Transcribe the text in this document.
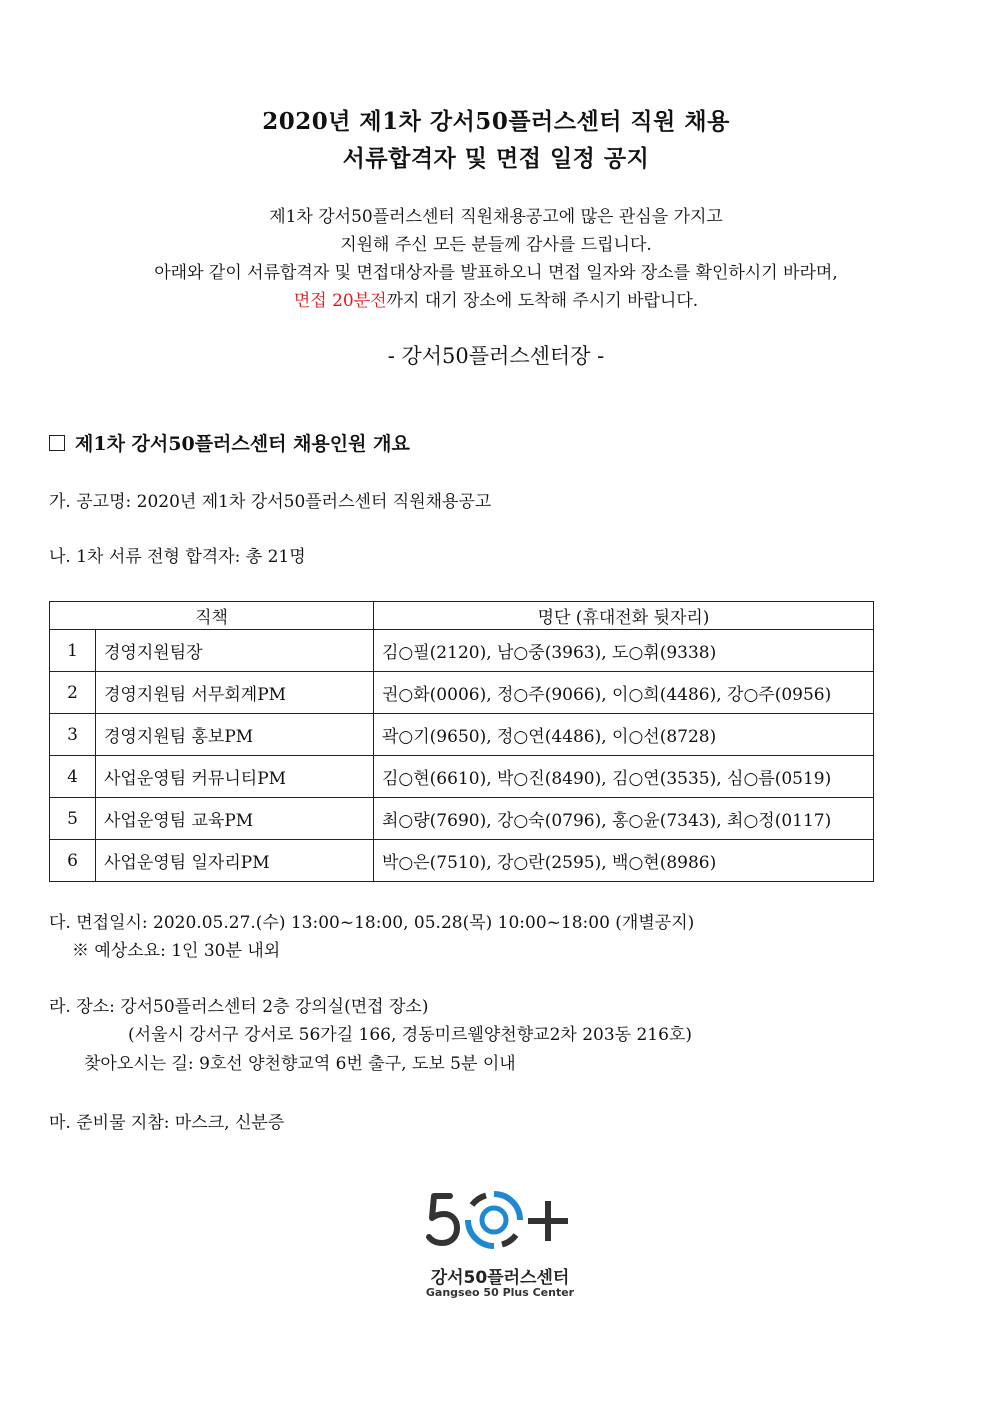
2020년 제1차 강서50플러스센터 직원 채용
서류합격자 및 면접 일정 공지
제1차 강서50플러스센터 직원채용공고에 많은 관심을 가지고
지원해 주신 모든 분들께 감사를 드립니다.
아래와 같이 서류합격자 및 면접대상자를 발표하오니 면접 일자와 장소를 확인하시기 바라며,
면접 20분전까지 대기 장소에 도착해 주시기 바랍니다.
- 강서50플러스센터장 -
제1차 강서50플러스센터 채용인원 개요
가. 공고명: 2020년 제1차 강서50플러스센터 직원채용공고
나. 1차 서류 전형 합격자: 총 21명
직책		명단 (휴대전화 뒷자리)
1	경영지원팀장	김○필(2120), 남○중(3963), 도○휘(9338)
2	경영지원팀 서무회계PM	권○화(0006), 정○주(9066), 이○희(4486), 강○주(0956)
3	경영지원팀 홍보PM	곽○기(9650), 정○연(4486), 이○선(8728)
4	사업운영팀 커뮤니티PM	김○현(6610), 박○진(8490), 김○연(3535), 심○름(0519)
5	사업운영팀 교육PM	최○량(7690), 강○숙(0796), 홍○윤(7343), 최○정(0117)
6	사업운영팀 일자리PM	박○은(7510), 강○란(2595), 백○현(8986)
다. 면접일시: 2020.05.27.(수) 13:00~18:00, 05.28(목) 10:00~18:00 (개별공지)
※ 예상소요: 1인 30분 내외
라. 장소: 강서50플러스센터 2층 강의실(면접 장소)
(서울시 강서구 강서로 56가길 166, 경동미르웰양천향교2차 203동 216호)
찾아오시는 길: 9호선 양천향교역 6번 출구, 도보 5분 이내
마. 준비물 지참: 마스크, 신분증
강서50플러스센터
Gangseo 50 Plus Center
